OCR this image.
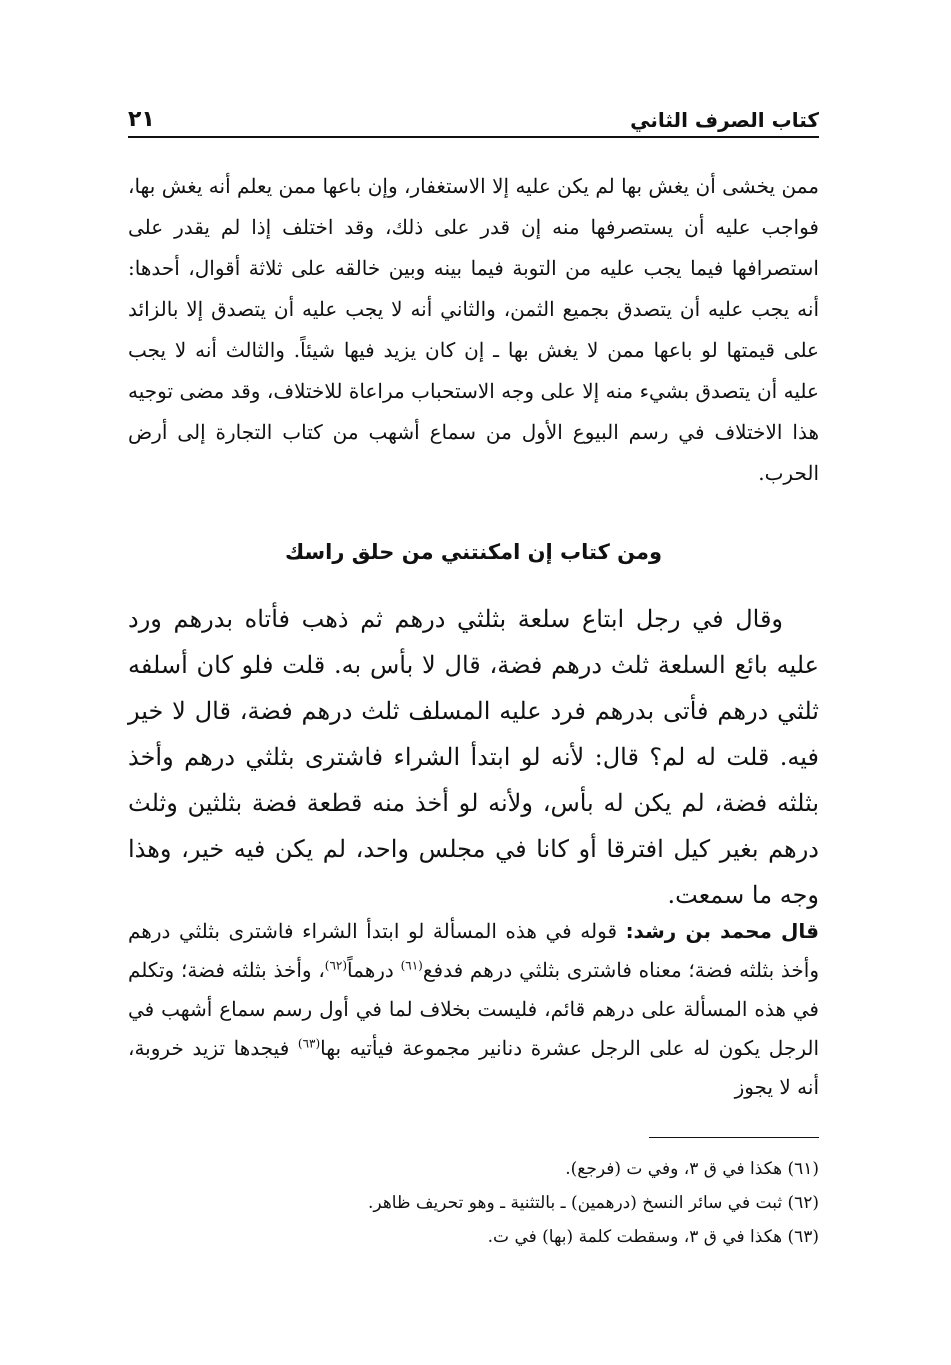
كتاب الصرف الثاني
٢١

ممن يخشى أن يغش بها لم يكن عليه إلا الاستغفار، وإن باعها ممن يعلم أنه يغش بها، فواجب عليه أن يستصرفها منه إن قدر على ذلك، وقد اختلف إذا لم يقدر على استصرافها فيما يجب عليه من التوبة فيما بينه وبين خالقه على ثلاثة أقوال، أحدها: أنه يجب عليه أن يتصدق بجميع الثمن، والثاني أنه لا يجب عليه أن يتصدق إلا بالزائد على قيمتها لو باعها ممن لا يغش بها ـ إن كان يزيد فيها شيئاً. والثالث أنه لا يجب عليه أن يتصدق بشيء منه إلا على وجه الاستحباب مراعاة للاختلاف، وقد مضى توجيه هذا الاختلاف في رسم البيوع الأول من سماع أشهب من كتاب التجارة إلى أرض الحرب.

ومن كتاب إن امكنتني من حلق راسك

وقال في رجل ابتاع سلعة بثلثي درهم ثم ذهب فأتاه بدرهم ورد عليه بائع السلعة ثلث درهم فضة، قال لا بأس به. قلت فلو كان أسلفه ثلثي درهم فأتى بدرهم فرد عليه المسلف ثلث درهم فضة، قال لا خير فيه. قلت له لم؟ قال: لأنه لو ابتدأ الشراء فاشترى بثلثي درهم وأخذ بثلثه فضة، لم يكن له بأس، ولأنه لو أخذ منه قطعة فضة بثلثين وثلث درهم بغير كيل افترقا أو كانا في مجلس واحد، لم يكن فيه خير، وهذا وجه ما سمعت.

قال محمد بن رشد: قوله في هذه المسألة لو ابتدأ الشراء فاشترى بثلثي درهم وأخذ بثلثه فضة؛ معناه فاشترى بثلثي درهم فدفع$^{(٦١)}$ درهماً$^{(٦٢)}$، وأخذ بثلثه فضة؛ وتكلم في هذه المسألة على درهم قائم، فليست بخلاف لما في أول رسم سماع أشهب في الرجل يكون له على الرجل عشرة دنانير مجموعة فيأتيه بها$^{(٦٣)}$ فيجدها تزيد خروبة، أنه لا يجوز

(٦١) هكذا في ق ٣، وفي ت (فرجع).
(٦٢) ثبت في سائر النسخ (درهمين) ـ بالتثنية ـ وهو تحريف ظاهر.
(٦٣) هكذا في ق ٣، وسقطت كلمة (بها) في ت.
